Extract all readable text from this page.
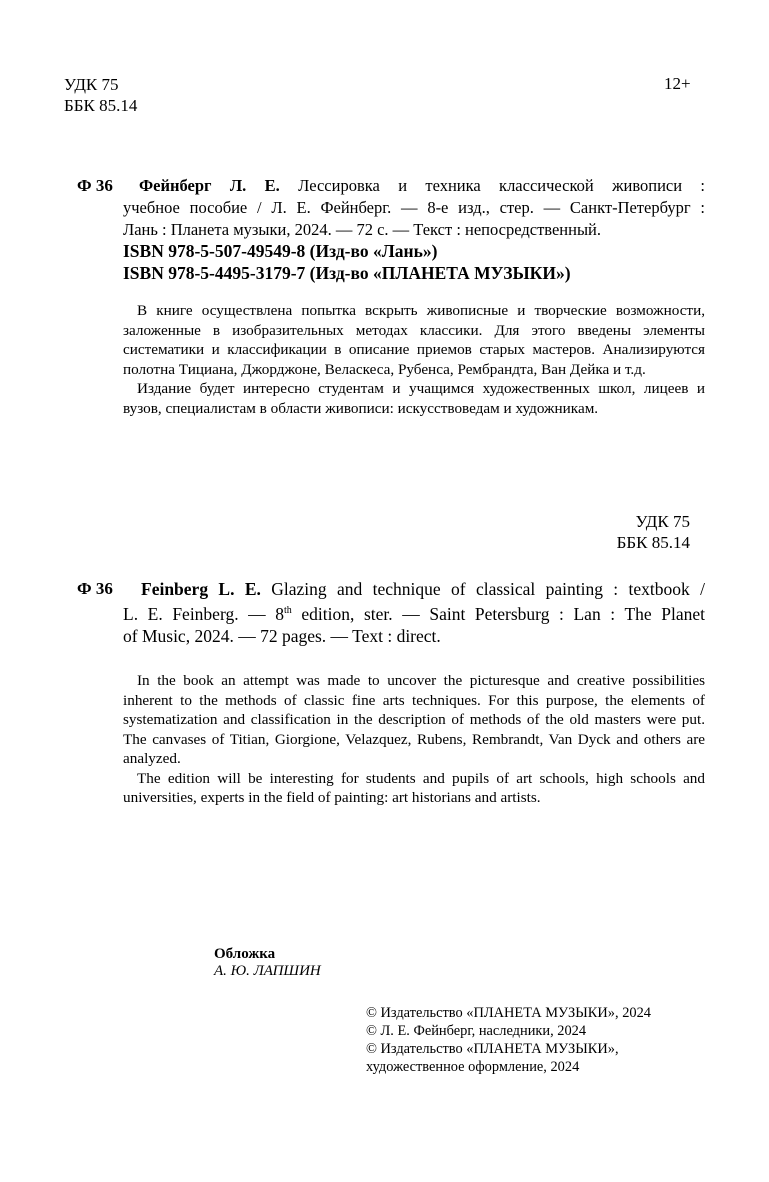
УДК 75
ББК 85.14
12+
Ф 36 Фейнберг Л. Е. Лессировка и техника классической живописи :
учебное пособие / Л. Е. Фейнберг. — 8-е изд., стер. — Санкт-Петербург :
Лань : Планета музыки, 2024. — 72 с. — Текст : непосредственный.
ISBN 978-5-507-49549-8 (Изд-во «Лань»)
ISBN 978-5-4495-3179-7 (Изд-во «ПЛАНЕТА МУЗЫКИ»)

В книге осуществлена попытка вскрыть живописные и творческие возможности, заложенные в изобразительных методах классики. Для этого введены элементы систематики и классификации в описание приемов старых мастеров. Анализируются полотна Тициана, Джорджоне, Веласкеса, Рубенса, Рембрандта, Ван Дейка и т.д.

Издание будет интересно студентам и учащимся художественных школ, лицеев и вузов, специалистам в области живописи: искусствоведам и художникам.

УДК 75
ББК 85.14
Ф 36 Feinberg L. E. Glazing and technique of classical painting : textbook /
L. E. Feinberg. — 8th edition, ster. — Saint Petersburg : Lan : The Planet
of Music, 2024. — 72 pages. — Text : direct.

In the book an attempt was made to uncover the picturesque and creative possibilities inherent to the methods of classic fine arts techniques. For this purpose, the elements of systematization and classification in the description of methods of the old masters were put. The canvases of Titian, Giorgione, Velazquez, Rubens, Rembrandt, Van Dyck and others are analyzed.

The edition will be interesting for students and pupils of art schools, high schools and universities, experts in the field of painting: art historians and artists.

Обложка
А. Ю. ЛАПШИН
© Издательство «ПЛАНЕТА МУЗЫКИ», 2024
© Л. Е. Фейнберг, наследники, 2024
© Издательство «ПЛАНЕТА МУЗЫКИ»,
художественное оформление, 2024
